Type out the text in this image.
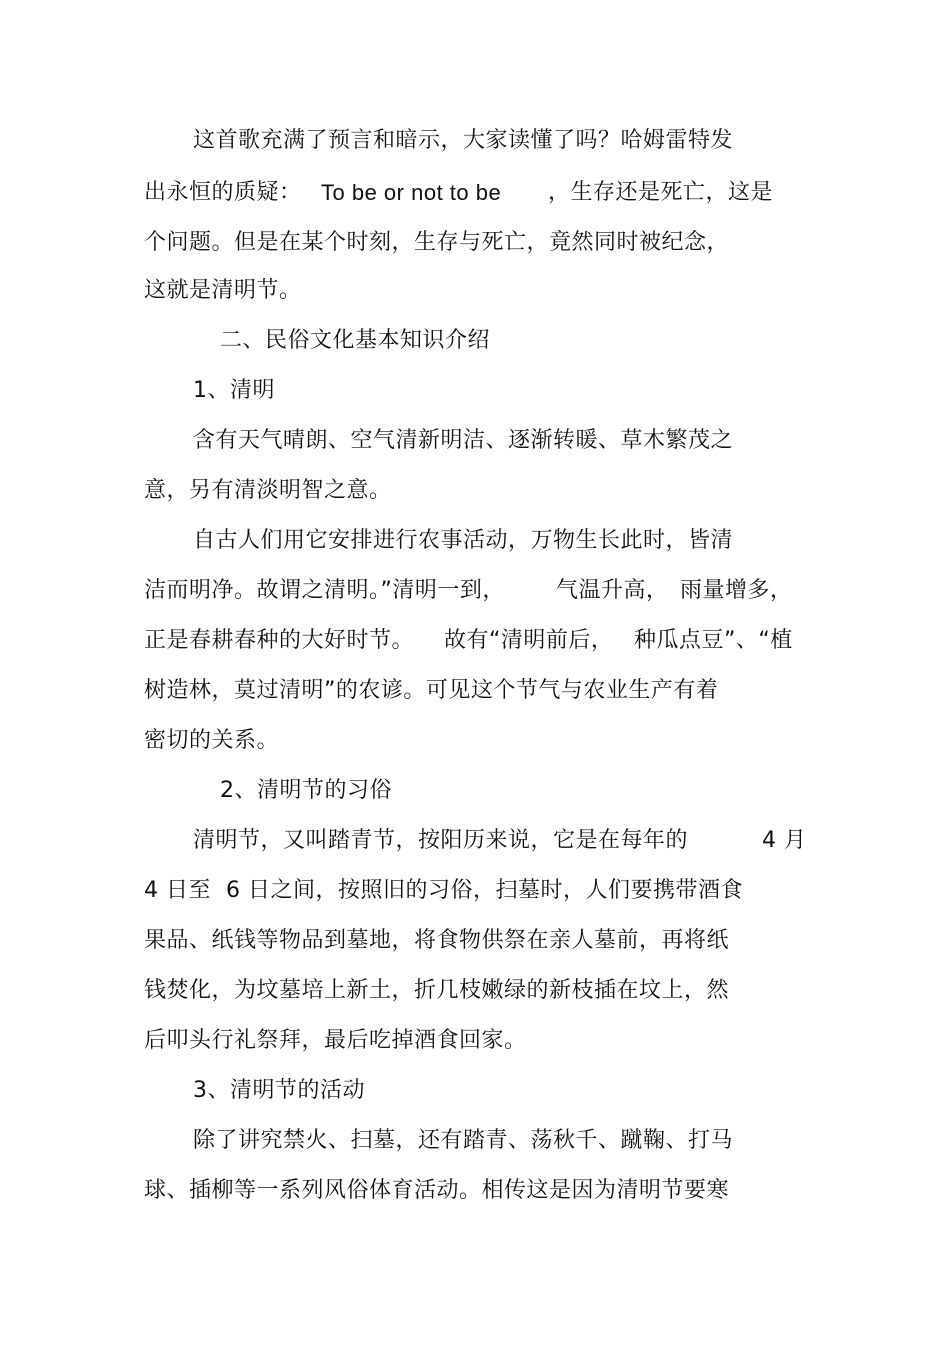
这首歌充满了预言和暗示，大家读懂了吗？哈姆雷特发
出永恒的质疑： To be or not to be ，生存还是死亡，这是
个问题。但是在某个时刻，生存与死亡，竟然同时被纪念，
这就是清明节。
二、民俗文化基本知识介绍
1、清明
含有天气晴朗、空气清新明洁、逐渐转暖、草木繁茂之
意，另有清淡明智之意。
自古人们用它安排进行农事活动，万物生长此时，皆清
洁而明净。故谓之清明。”清明一到， 气温升高， 雨量增多，
正是春耕春种的大好时节。 故有“清明前后， 种瓜点豆”、“植
树造林，莫过清明”的农谚。可见这个节气与农业生产有着
密切的关系。
2、清明节的习俗
清明节，又叫踏青节，按阳历来说，它是在每年的	4 月
4 日至  6 日之间，按照旧的习俗，扫墓时，人们要携带酒食
果品、纸钱等物品到墓地，将食物供祭在亲人墓前，再将纸
钱焚化，为坟墓培上新土，折几枝嫩绿的新枝插在坟上，然
后叩头行礼祭拜，最后吃掉酒食回家。
3、清明节的活动
除了讲究禁火、扫墓，还有踏青、荡秋千、蹴鞠、打马
球、插柳等一系列风俗体育活动。相传这是因为清明节要寒
